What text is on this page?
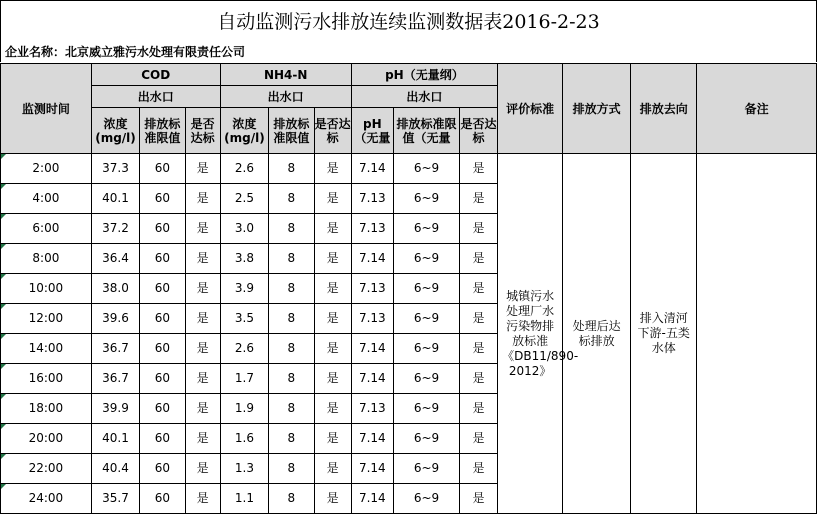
自动监测污水排放连续监测数据表2016-2-23
企业名称：北京威立雅污水处理有限责任公司
监测时间	COD			NH4-N			pH（无量纲）			评价标准	排放方式	排放去向	备注
	出水口			出水口			出水口						
	浓度(mg/l)	排放标准限值	是否达标	浓度(mg/l)	排放标准限值	是否达标	pH（无量	排放标准限值（无量	是否达标				
2:00	37.3	60	是	2.6	8	是	7.14	6~9	是	城镇污水处理厂水污染物排放标准《DB11/890-2012》	处理后达标排放	排入清河下游-五类水体	
4:00	40.1	60	是	2.5	8	是	7.13	6~9	是				
6:00	37.2	60	是	3.0	8	是	7.13	6~9	是				
8:00	36.4	60	是	3.8	8	是	7.14	6~9	是				
10:00	38.0	60	是	3.9	8	是	7.13	6~9	是				
12:00	39.6	60	是	3.5	8	是	7.13	6~9	是				
14:00	36.7	60	是	2.6	8	是	7.14	6~9	是				
16:00	36.7	60	是	1.7	8	是	7.14	6~9	是				
18:00	39.9	60	是	1.9	8	是	7.13	6~9	是				
20:00	40.1	60	是	1.6	8	是	7.14	6~9	是				
22:00	40.4	60	是	1.3	8	是	7.14	6~9	是				
24:00	35.7	60	是	1.1	8	是	7.14	6~9	是				
